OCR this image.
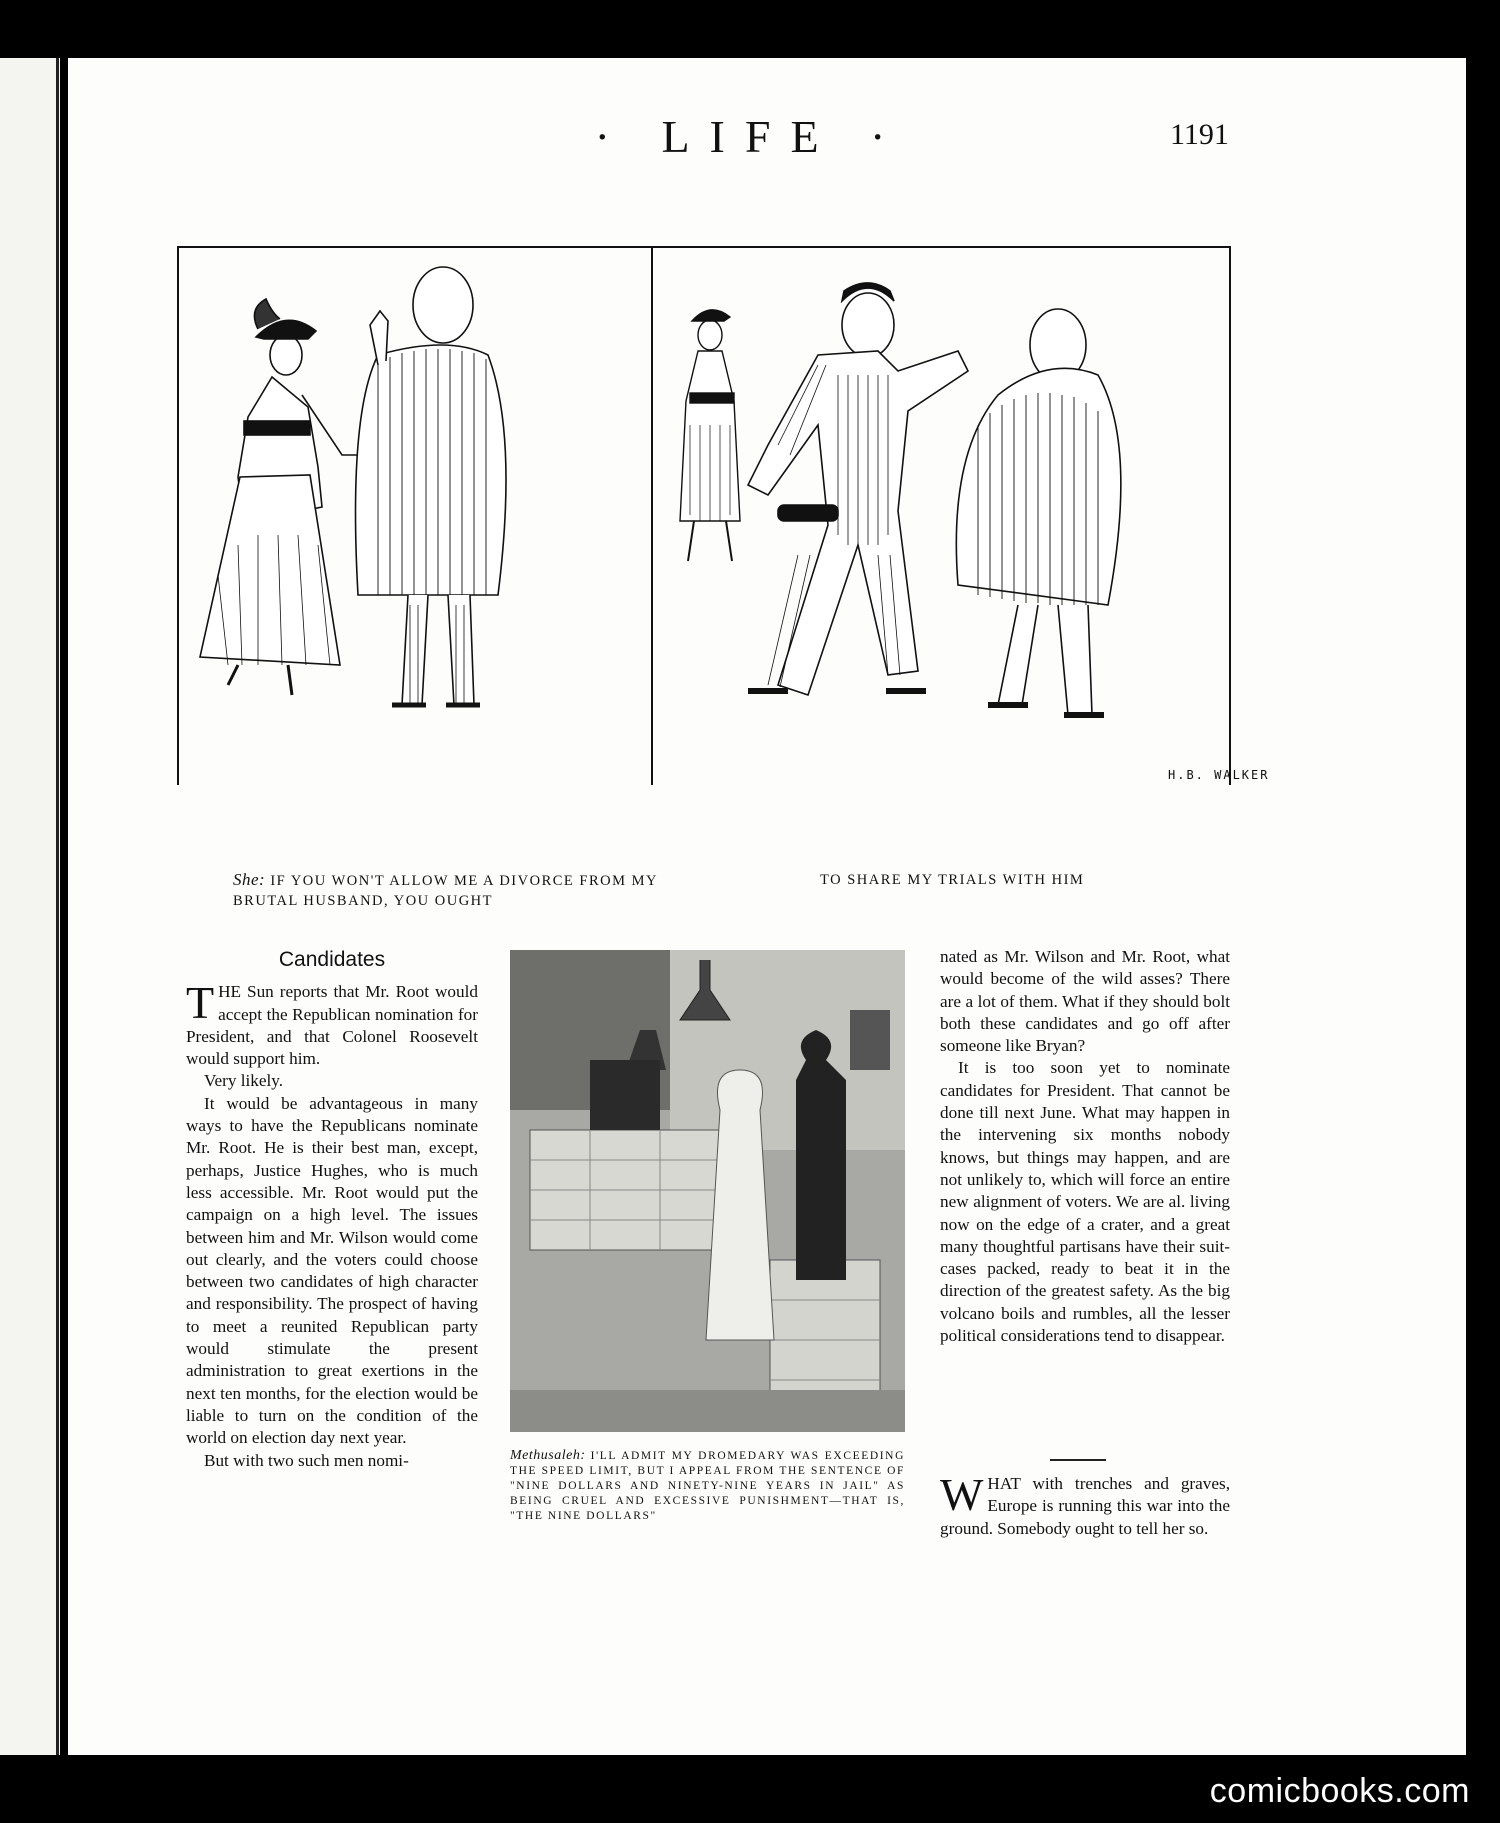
· LIFE ·	1191
H.B. WALKER
She: IF YOU WON'T ALLOW ME A DIVORCE FROM MY BRUTAL HUSBAND, YOU OUGHT
TO SHARE MY TRIALS WITH HIM
Candidates

THE Sun reports that Mr. Root would accept the Republican nomination for President, and that Colonel Roosevelt would support him.

Very likely.

It would be advantageous in many ways to have the Republicans nominate Mr. Root. He is their best man, except, perhaps, Justice Hughes, who is much less accessible. Mr. Root would put the campaign on a high level. The issues between him and Mr. Wilson would come out clearly, and the voters could choose between two candidates of high character and responsibility. The prospect of having to meet a reunited Republican party would stimulate the present administration to great exertions in the next ten months, for the election would be liable to turn on the condition of the world on election day next year.

But with two such men nomi-	Methusaleh: I'LL ADMIT MY DROMEDARY WAS EXCEEDING THE SPEED LIMIT, BUT I APPEAL FROM THE SENTENCE OF "NINE DOLLARS AND NINETY-NINE YEARS IN JAIL" AS BEING CRUEL AND EXCESSIVE PUNISHMENT—THAT IS, "THE NINE DOLLARS"

nated as Mr. Wilson and Mr. Root, what would become of the wild asses? There are a lot of them. What if they should bolt both these candidates and go off after someone like Bryan?

It is too soon yet to nominate candidates for President. That cannot be done till next June. What may happen in the intervening six months nobody knows, but things may happen, and are not unlikely to, which will force an entire new alignment of voters. We are al. living now on the edge of a crater, and a great many thoughtful partisans have their suit-cases packed, ready to beat it in the direction of the greatest safety. As the big volcano boils and rumbles, all the lesser political considerations tend to disappear.

WHAT with trenches and graves, Europe is running this war into the ground. Somebody ought to tell her so.

comicbooks.com
